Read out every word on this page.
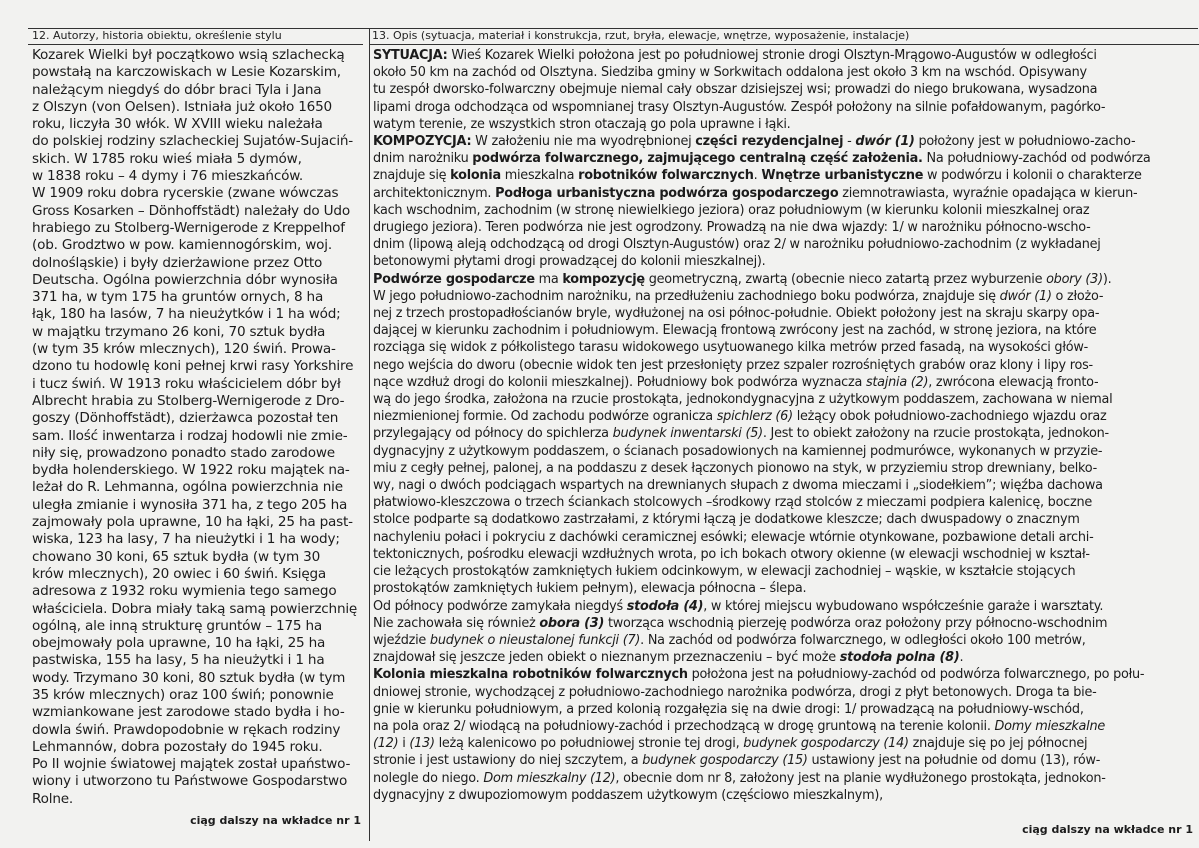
12. Autorzy, historia obiektu, określenie stylu
Kozarek Wielki był początkowo wsią szlachecką
powstałą na karczowiskach w Lesie Kozarskim,
należącym niegdyś do dóbr braci Tyla i Jana
z Olszyn (von Oelsen). Istniała już około 1650
roku, liczyła 30 włók. W XVIII wieku należała
do polskiej rodziny szlacheckiej Sujatów-Sujaciń-
skich. W 1785 roku wieś miała 5 dymów,
w 1838 roku – 4 dymy i 76 mieszkańców.
W 1909 roku dobra rycerskie (zwane wówczas
Gross Kosarken – Dönhoffstädt) należały do Udo
hrabiego zu Stolberg-Wernigerode z Kreppelhof
(ob. Grodztwo w pow. kamiennogórskim, woj.
dolnośląskie) i były dzierżawione przez Otto
Deutscha. Ogólna powierzchnia dóbr wynosiła
371 ha, w tym 175 ha gruntów ornych, 8 ha
łąk, 180 ha lasów, 7 ha nieużytków i 1 ha wód;
w majątku trzymano 26 koni, 70 sztuk bydła
(w tym 35 krów mlecznych), 120 świń. Prowa-
dzono tu hodowlę koni pełnej krwi rasy Yorkshire
i tucz świń. W 1913 roku właścicielem dóbr był
Albrecht hrabia zu Stolberg-Wernigerode z Dro-
goszy (Dönhoffstädt), dzierżawca pozostał ten
sam. Ilość inwentarza i rodzaj hodowli nie zmie-
niły się, prowadzono ponadto stado zarodowe
bydła holenderskiego. W 1922 roku majątek na-
leżał do R. Lehmanna, ogólna powierzchnia nie
uległa zmianie i wynosiła 371 ha, z tego 205 ha
zajmowały pola uprawne, 10 ha łąki, 25 ha past-
wiska, 123 ha lasy, 7 ha nieużytki i 1 ha wody;
chowano 30 koni, 65 sztuk bydła (w tym 30
krów mlecznych), 20 owiec i 60 świń. Księga
adresowa z 1932 roku wymienia tego samego
właściciela. Dobra miały taką samą powierzchnię
ogólną, ale inną strukturę gruntów – 175 ha
obejmowały pola uprawne, 10 ha łąki, 25 ha
pastwiska, 155 ha lasy, 5 ha nieużytki i 1 ha
wody. Trzymano 30 koni, 80 sztuk bydła (w tym
35 krów mlecznych) oraz 100 świń; ponownie
wzmiankowane jest zarodowe stado bydła i ho-
dowla świń. Prawdopodobnie w rękach rodziny
Lehmannów, dobra pozostały do 1945 roku.
Po II wojnie światowej majątek został upaństwo-
wiony i utworzono tu Państwowe Gospodarstwo
Rolne.
ciąg dalszy na wkładce nr 1
13. Opis (sytuacja, materiał i konstrukcja, rzut, bryła, elewacje, wnętrze, wyposażenie, instalacje)
SYTUACJA: Wieś Kozarek Wielki położona jest po południowej stronie drogi Olsztyn-Mrągowo-Augustów w odległości
około 50 km na zachód od Olsztyna. Siedziba gminy w Sorkwitach oddalona jest około 3 km na wschód. Opisywany
tu zespół dworsko-folwarczny obejmuje niemal cały obszar dzisiejszej wsi; prowadzi do niego brukowana, wysadzona
lipami droga odchodząca od wspomnianej trasy Olsztyn-Augustów. Zespół położony na silnie pofałdowanym, pagórko-
watym terenie, ze wszystkich stron otaczają go pola uprawne i łąki.
KOMPOZYCJA: W założeniu nie ma wyodrębnionej części rezydencjalnej - dwór (1) położony jest w południowo-zacho-
dnim narożniku podwórza folwarcznego, zajmującego centralną część założenia. Na południowy-zachód od podwórza
znajduje się kolonia mieszkalna robotników folwarcznych. Wnętrze urbanistyczne w podwórzu i kolonii o charakterze
architektonicznym. Podłoga urbanistyczna podwórza gospodarczego ziemnotrawiasta, wyraźnie opadająca w kierun-
kach wschodnim, zachodnim (w stronę niewielkiego jeziora) oraz południowym (w kierunku kolonii mieszkalnej oraz
drugiego jeziora). Teren podwórza nie jest ogrodzony. Prowadzą na nie dwa wjazdy: 1/ w narożniku północno-wscho-
dnim (lipową aleją odchodzącą od drogi Olsztyn-Augustów) oraz 2/ w narożniku południowo-zachodnim (z wykładanej
betonowymi płytami drogi prowadzącej do kolonii mieszkalnej).
Podwórze gospodarcze ma kompozycję geometryczną, zwartą (obecnie nieco zatartą przez wyburzenie obory (3)).
W jego południowo-zachodnim narożniku, na przedłużeniu zachodniego boku podwórza, znajduje się dwór (1) o złożo-
nej z trzech prostopadłościanów bryle, wydłużonej na osi północ-południe. Obiekt położony jest na skraju skarpy opa-
dającej w kierunku zachodnim i południowym. Elewacją frontową zwrócony jest na zachód, w stronę jeziora, na które
rozciąga się widok z półkolistego tarasu widokowego usytuowanego kilka metrów przed fasadą, na wysokości głów-
nego wejścia do dworu (obecnie widok ten jest przesłonięty przez szpaler rozrośniętych grabów oraz klony i lipy ros-
nące wzdłuż drogi do kolonii mieszkalnej). Południowy bok podwórza wyznacza stajnia (2), zwrócona elewacją fronto-
wą do jego środka, założona na rzucie prostokąta, jednokondygnacyjna z użytkowym poddaszem, zachowana w niemal
niezmienionej formie. Od zachodu podwórze ogranicza spichlerz (6) leżący obok południowo-zachodniego wjazdu oraz
przylegający od północy do spichlerza budynek inwentarski (5). Jest to obiekt założony na rzucie prostokąta, jednokon-
dygnacyjny z użytkowym poddaszem, o ścianach posadowionych na kamiennej podmurówce, wykonanych w przyzie-
miu z cegły pełnej, palonej, a na poddaszu z desek łączonych pionowo na styk, w przyziemiu strop drewniany, belko-
wy, nagi o dwóch podciągach wspartych na drewnianych słupach z dwoma mieczami i „siodełkiem”; więźba dachowa
płatwiowo-kleszczowa o trzech ściankach stolcowych –środkowy rząd stolców z mieczami podpiera kalenicę, boczne
stolce podparte są dodatkowo zastrzałami, z którymi łączą je dodatkowe kleszcze; dach dwuspadowy o znacznym
nachyleniu połaci i pokryciu z dachówki ceramicznej esówki; elewacje wtórnie otynkowane, pozbawione detali archi-
tektonicznych, pośrodku elewacji wzdłużnych wrota, po ich bokach otwory okienne (w elewacji wschodniej w kształ-
cie leżących prostokątów zamkniętych łukiem odcinkowym, w elewacji zachodniej – wąskie, w kształcie stojących
prostokątów zamkniętych łukiem pełnym), elewacja północna – ślepa.
Od północy podwórze zamykała niegdyś stodoła (4), w której miejscu wybudowano współcześnie garaże i warsztaty.
Nie zachowała się również obora (3) tworząca wschodnią pierzeję podwórza oraz położony przy północno-wschodnim
wjeździe budynek o nieustalonej funkcji (7). Na zachód od podwórza folwarcznego, w odległości około 100 metrów,
znajdował się jeszcze jeden obiekt o nieznanym przeznaczeniu – być może stodoła polna (8).
Kolonia mieszkalna robotników folwarcznych położona jest na południowy-zachód od podwórza folwarcznego, po połu-
dniowej stronie, wychodzącej z południowo-zachodniego narożnika podwórza, drogi z płyt betonowych. Droga ta bie-
gnie w kierunku południowym, a przed kolonią rozgałęzia się na dwie drogi: 1/ prowadzącą na południowy-wschód,
na pola oraz 2/ wiodącą na południowy-zachód i przechodzącą w drogę gruntową na terenie kolonii. Domy mieszkalne
(12) i (13) leżą kalenicowo po południowej stronie tej drogi, budynek gospodarczy (14) znajduje się po jej północnej
stronie i jest ustawiony do niej szczytem, a budynek gospodarczy (15) ustawiony jest na południe od domu (13), rów-
nolegle do niego. Dom mieszkalny (12), obecnie dom nr 8, założony jest na planie wydłużonego prostokąta, jednokon-
dygnacyjny z dwupoziomowym poddaszem użytkowym (częściowo mieszkalnym),
ciąg dalszy na wkładce nr 1
